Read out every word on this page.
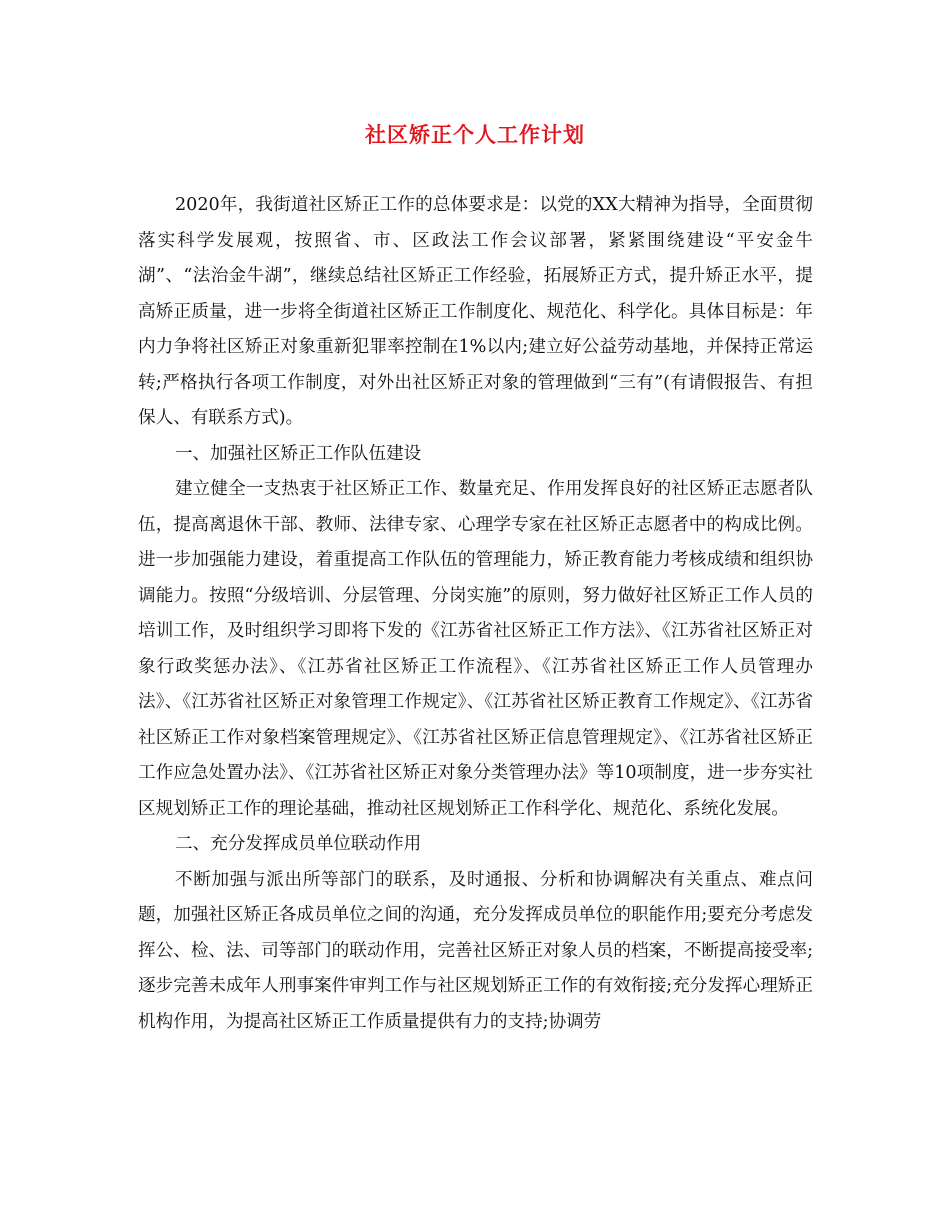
社区矫正个人工作计划

2020年，我街道社区矫正工作的总体要求是：以党的XX大精神为指导，全面贯彻落实科学发展观，按照省、市、区政法工作会议部署，紧紧围绕建设“平安金牛湖”、“法治金牛湖”，继续总结社区矫正工作经验，拓展矫正方式，提升矫正水平，提高矫正质量，进一步将全街道社区矫正工作制度化、规范化、科学化。具体目标是：年内力争将社区矫正对象重新犯罪率控制在1%以内;建立好公益劳动基地，并保持正常运转;严格执行各项工作制度，对外出社区矫正对象的管理做到“三有”(有请假报告、有担保人、有联系方式)。

一、加强社区矫正工作队伍建设

建立健全一支热衷于社区矫正工作、数量充足、作用发挥良好的社区矫正志愿者队伍，提高离退休干部、教师、法律专家、心理学专家在社区矫正志愿者中的构成比例。进一步加强能力建设，着重提高工作队伍的管理能力，矫正教育能力考核成绩和组织协调能力。按照“分级培训、分层管理、分岗实施”的原则，努力做好社区矫正工作人员的培训工作，及时组织学习即将下发的《江苏省社区矫正工作方法》、《江苏省社区矫正对象行政奖惩办法》、《江苏省社区矫正工作流程》、《江苏省社区矫正工作人员管理办法》、《江苏省社区矫正对象管理工作规定》、《江苏省社区矫正教育工作规定》、《江苏省社区矫正工作对象档案管理规定》、《江苏省社区矫正信息管理规定》、《江苏省社区矫正工作应急处置办法》、《江苏省社区矫正对象分类管理办法》等10项制度，进一步夯实社区规划矫正工作的理论基础，推动社区规划矫正工作科学化、规范化、系统化发展。

二、充分发挥成员单位联动作用

不断加强与派出所等部门的联系，及时通报、分析和协调解决有关重点、难点问题，加强社区矫正各成员单位之间的沟通，充分发挥成员单位的职能作用;要充分考虑发挥公、检、法、司等部门的联动作用，完善社区矫正对象人员的档案，不断提高接受率;逐步完善未成年人刑事案件审判工作与社区规划矫正工作的有效衔接;充分发挥心理矫正机构作用，为提高社区矫正工作质量提供有力的支持;协调劳
